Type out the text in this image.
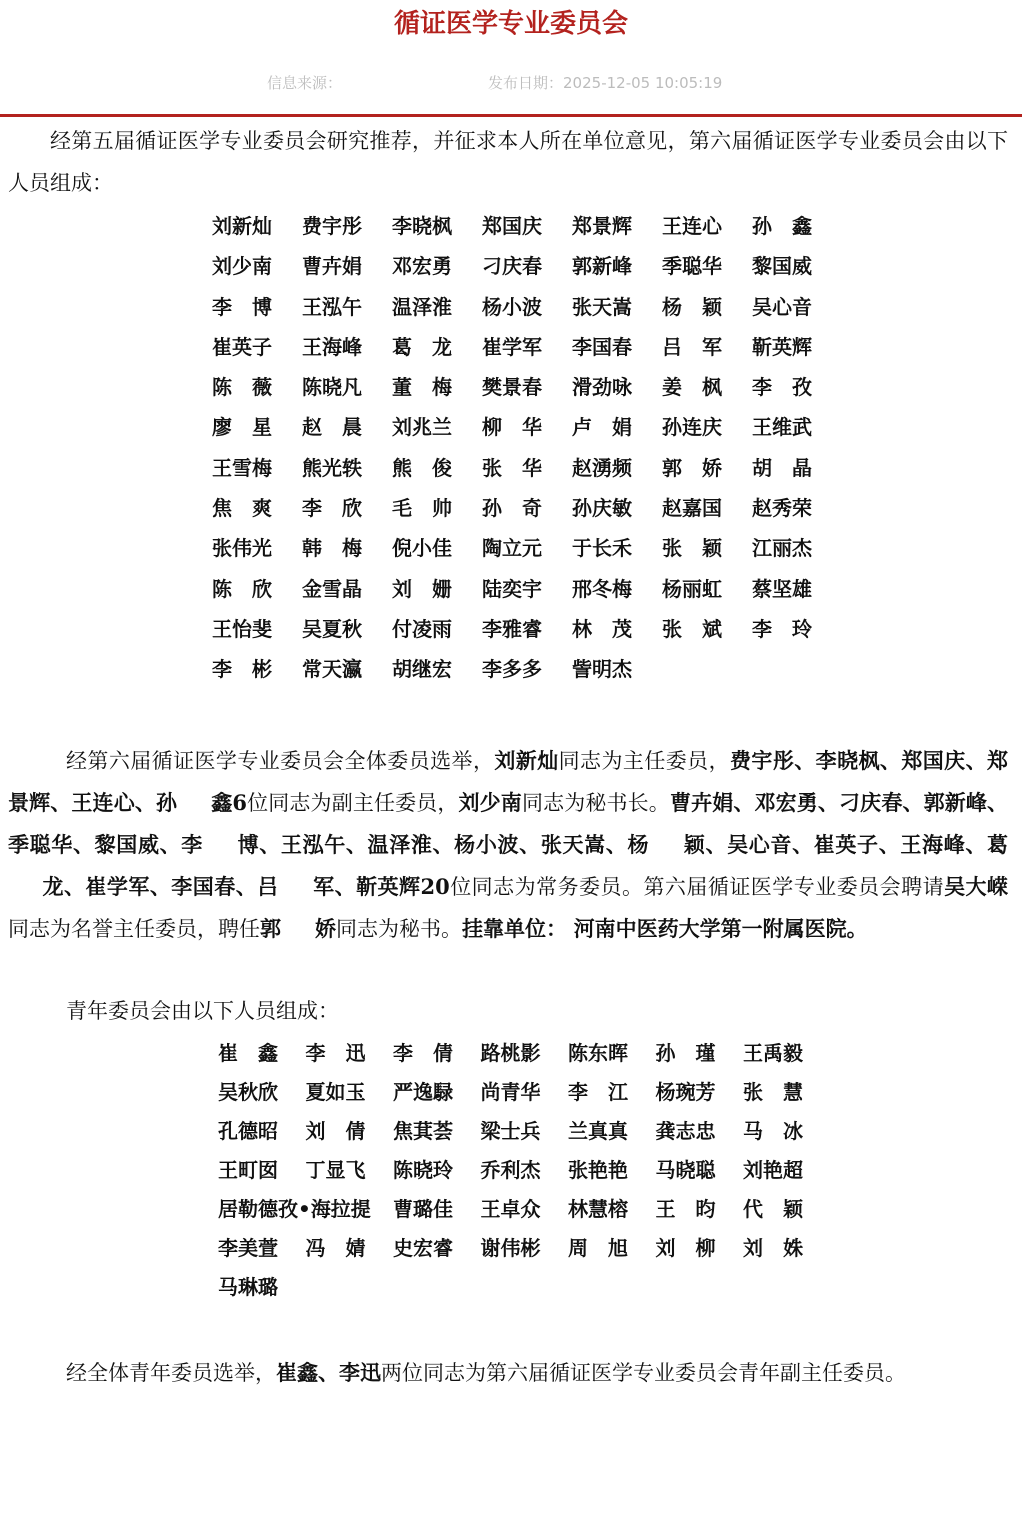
循证医学专业委员会
信息来源：	发布日期：2025-12-05 10:05:19

经第五届循证医学专业委员会研究推荐，并征求本人所在单位意见，第六届循证医学专业委员会由以下人员组成：

刘新灿	费宇彤	李晓枫	郑国庆	郑景辉	王连心	孙　鑫
刘少南	曹卉娟	邓宏勇	刁庆春	郭新峰	季聪华	黎国威
李　博	王泓午	温泽淮	杨小波	张天嵩	杨　颖	吴心音
崔英子	王海峰	葛　龙	崔学军	李国春	吕　军	靳英辉
陈　薇	陈晓凡	董　梅	樊景春	滑劲咏	姜　枫	李　孜
廖　星	赵　晨	刘兆兰	柳　华	卢　娟	孙连庆	王维武
王雪梅	熊光轶	熊　俊	张　华	赵湧频	郭　娇	胡　晶
焦　爽	李　欣	毛　帅	孙　奇	孙庆敏	赵嘉国	赵秀荣
张伟光	韩　梅	倪小佳	陶立元	于长禾	张　颖	江丽杰
陈　欣	金雪晶	刘　姗	陆奕宇	邢冬梅	杨丽虹	蔡坚雄
王怡斐	吴夏秋	付凌雨	李雅睿	林　茂	张　斌	李　玲
李　彬	常天瀛	胡继宏	李多多	訾明杰

经第六届循证医学专业委员会全体委员选举，刘新灿同志为主任委员，费宇彤、李晓枫、郑国庆、郑景辉、王连心、孙 鑫6位同志为副主任委员，刘少南同志为秘书长。曹卉娟、邓宏勇、刁庆春、郭新峰、季聪华、黎国威、李 博、王泓午、温泽淮、杨小波、张天嵩、杨 颖、吴心音、崔英子、王海峰、葛龙、崔学军、李国春、吕 军、靳英辉20位同志为常务委员。第六届循证医学专业委员会聘请吴大嵘同志为名誉主任委员，聘任郭 娇同志为秘书。挂靠单位： 河南中医药大学第一附属医院。

青年委员会由以下人员组成：

崔　鑫	李　迅	李　倩	路桃影	陈东晖	孙　瑾	王禹毅
吴秋欣	夏如玉	严逸騄	尚青华	李　江	杨琬芳	张　慧
孔德昭	刘　倩	焦萁荟	梁士兵	兰真真	龚志忠	马　冰
王町囡	丁显飞	陈晓玲	乔利杰	张艳艳	马晓聪	刘艳超
居勒德孜•海拉提	曹璐佳	王卓众	林慧榕	王　昀	代　颖
李美萱	冯　婧	史宏睿	谢伟彬	周　旭	刘　柳	刘　姝
马琳璐

经全体青年委员选举，崔鑫、李迅两位同志为第六届循证医学专业委员会青年副主任委员。
